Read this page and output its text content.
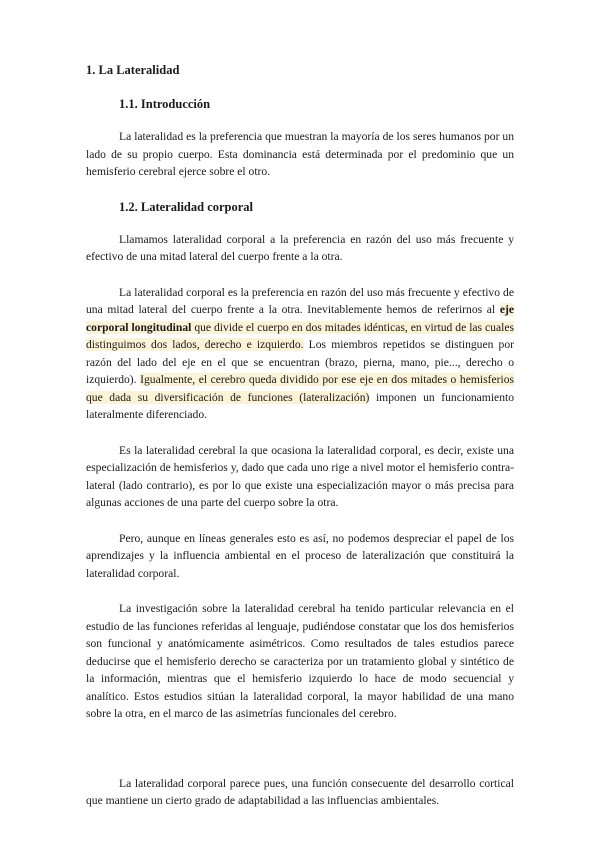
1. La Lateralidad
1.1. Introducción

La lateralidad es la preferencia que muestran la mayoría de los seres humanos por un lado de su propio cuerpo. Esta dominancia está determinada por el predominio que un hemisferio cerebral ejerce sobre el otro.

1.2. Lateralidad corporal

Llamamos lateralidad corporal a la preferencia en razón del uso más frecuente y efectivo de una mitad lateral del cuerpo frente a la otra.

La lateralidad corporal es la preferencia en razón del uso más frecuente y efectivo de una mitad lateral del cuerpo frente a la otra. Inevitablemente hemos de referirnos al eje corporal longitudinal que divide el cuerpo en dos mitades idénticas, en virtud de las cuales distinguimos dos lados, derecho e izquierdo. Los miembros repetidos se distinguen por razón del lado del eje en el que se encuentran (brazo, pierna, mano, pie..., derecho o izquierdo). Igualmente, el cerebro queda dividido por ese eje en dos mitades o hemisferios que dada su diversificación de funciones (lateralización) imponen un funcionamiento lateralmente diferenciado.

Es la lateralidad cerebral la que ocasiona la lateralidad corporal, es decir, existe una especialización de hemisferios y, dado que cada uno rige a nivel motor el hemisferio contra-lateral (lado contrario), es por lo que existe una especialización mayor o más precisa para algunas acciones de una parte del cuerpo sobre la otra.

Pero, aunque en líneas generales esto es así, no podemos despreciar el papel de los aprendizajes y la influencia ambiental en el proceso de lateralización que constituirá la lateralidad corporal.

La investigación sobre la lateralidad cerebral ha tenido particular relevancia en el estudio de las funciones referidas al lenguaje, pudiéndose constatar que los dos hemisferios son funcional y anatómicamente asimétricos. Como resultados de tales estudios parece deducirse que el hemisferio derecho se caracteriza por un tratamiento global y sintético de la información, mientras que el hemisferio izquierdo lo hace de modo secuencial y analítico. Estos estudios sitúan la lateralidad corporal, la mayor habilidad de una mano sobre la otra, en el marco de las asimetrías funcionales del cerebro.

La lateralidad corporal parece pues, una función consecuente del desarrollo cortical que mantiene un cierto grado de adaptabilidad a las influencias ambientales.
